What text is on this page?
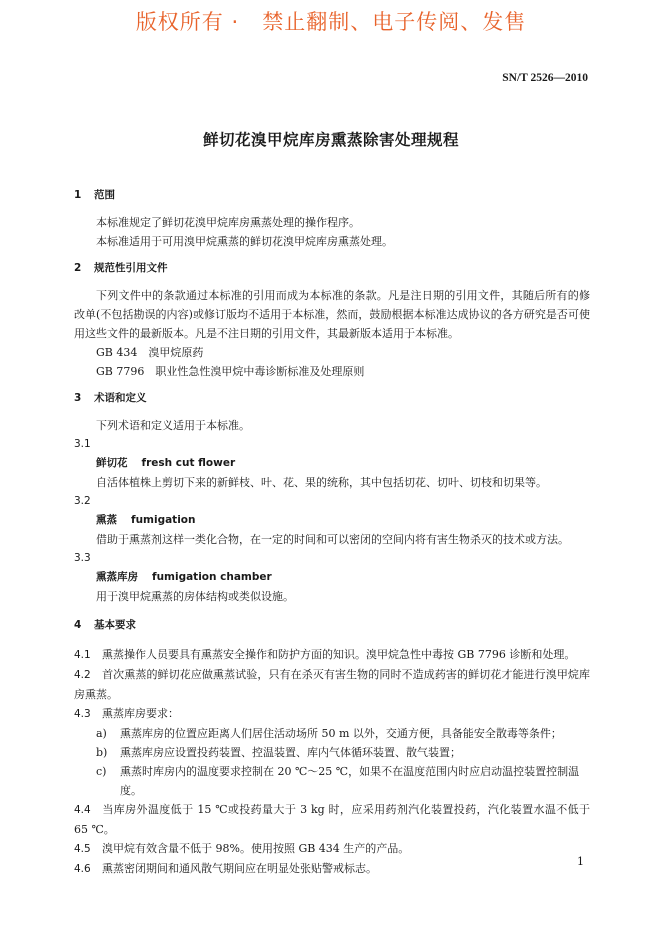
版权所有 ·   禁止翻制、电子传阅、发售
SN/T 2526—2010
鲜切花溴甲烷库房熏蒸除害处理规程
1 范围

本标准规定了鲜切花溴甲烷库房熏蒸处理的操作程序。

本标准适用于可用溴甲烷熏蒸的鲜切花溴甲烷库房熏蒸处理。

2 规范性引用文件

下列文件中的条款通过本标准的引用而成为本标准的条款。凡是注日期的引用文件，其随后所有的修改单(不包括勘误的内容)或修订版均不适用于本标准，然而，鼓励根据本标准达成协议的各方研究是否可使用这些文件的最新版本。凡是不注日期的引用文件，其最新版本适用于本标准。

GB 434　溴甲烷原药
GB 7796　职业性急性溴甲烷中毒诊断标准及处理原则
3 术语和定义

下列术语和定义适用于本标准。

3.1
鲜切花 fresh cut flower
自活体植株上剪切下来的新鲜枝、叶、花、果的统称，其中包括切花、切叶、切枝和切果等。
3.2
熏蒸 fumigation
借助于熏蒸剂这样一类化合物，在一定的时间和可以密闭的空间内将有害生物杀灭的技术或方法。
3.3
熏蒸库房 fumigation chamber
用于溴甲烷熏蒸的房体结构或类似设施。
4 基本要求

4.1 熏蒸操作人员要具有熏蒸安全操作和防护方面的知识。溴甲烷急性中毒按 GB 7796 诊断和处理。

4.2 首次熏蒸的鲜切花应做熏蒸试验，只有在杀灭有害生物的同时不造成药害的鲜切花才能进行溴甲烷库房熏蒸。

4.3 熏蒸库房要求：

a) 熏蒸库房的位置应距离人们居住活动场所 50 m 以外，交通方便，具备能安全散毒等条件；
b) 熏蒸库房应设置投药装置、控温装置、库内气体循环装置、散气装置；
c) 熏蒸时库房内的温度要求控制在 20 ℃～25 ℃，如果不在温度范围内时应启动温控装置控制温度。

4.4 当库房外温度低于 15 ℃或投药量大于 3 kg 时，应采用药剂汽化装置投药，汽化装置水温不低于 65 ℃。

4.5 溴甲烷有效含量不低于 98%。使用按照 GB 434 生产的产品。

4.6 熏蒸密闭期间和通风散气期间应在明显处张贴警戒标志。

1
